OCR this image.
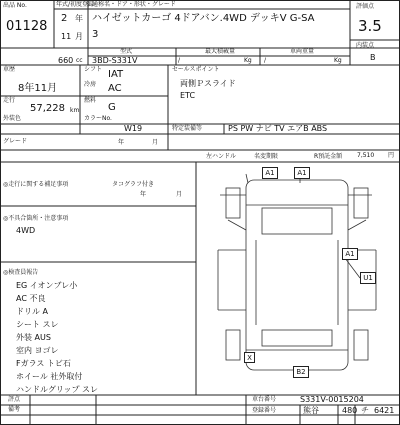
出品 No.
01128
年式/初度登録
2 年
11 月
通称名・ドア・形状・グレード
ハイゼットカーゴ 4ドアバン.4WD デッキV G-SA
3
評価点
3.5
内装点
B
型式	最大積載量	車両重量
660 cc 3BD-S331V	/	Kg /	Kg
車歴	シフト IAT
冷房 AC
8年11月
走行
57,228 km
燃料
G
外装色	カラーNo.
W19
グレード	年	月
セールスポイント
両側Ｐスライド
ETC
特定装備等	PS PW ナビ TV エアB ABS
左ハンドル	名変期限	R預託金額 7,510 円
◎走行に関する補足事項	タコグラフ付き
年	月
◎不具合箇所・注意事項
4WD
◎検査員報告
EG イオンブレ小
AC 不良
ドリル A
シート スレ
外装 AUS
室内 ヨゴレ
Fガラス トビ石
ホイール 社外取付
ハンドルグリップ スレ
A1	A1
A1
U1
X
B2
評点
備考
車台番号	S331V-0015204
登録番号	熊谷	480 チ 6421
